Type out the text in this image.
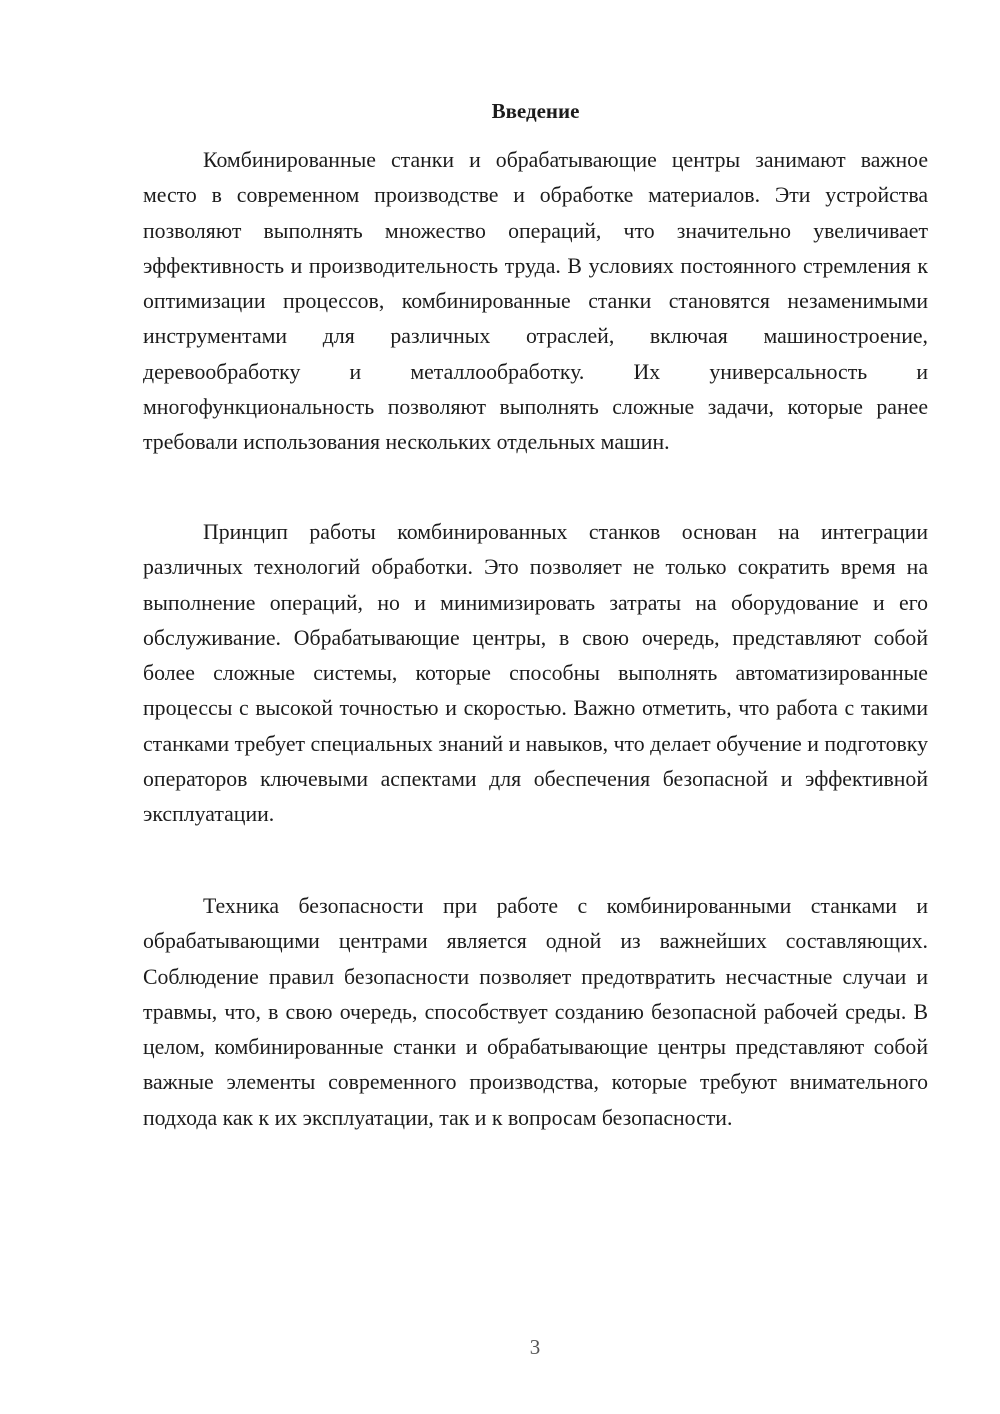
Введение

Комбинированные станки и обрабатывающие центры занимают важное место в современном производстве и обработке материалов. Эти устройства позволяют выполнять множество операций, что значительно увеличивает эффективность и производительность труда. В условиях постоянного стремления к оптимизации процессов, комбинированные станки становятся незаменимыми инструментами для различных отраслей, включая машиностроение, деревообработку и металлообработку. Их универсальность и многофункциональность позволяют выполнять сложные задачи, которые ранее требовали использования нескольких отдельных машин.

Принцип работы комбинированных станков основан на интеграции различных технологий обработки. Это позволяет не только сократить время на выполнение операций, но и минимизировать затраты на оборудование и его обслуживание. Обрабатывающие центры, в свою очередь, представляют собой более сложные системы, которые способны выполнять автоматизированные процессы с высокой точностью и скоростью. Важно отметить, что работа с такими станками требует специальных знаний и навыков, что делает обучение и подготовку операторов ключевыми аспектами для обеспечения безопасной и эффективной эксплуатации.

Техника безопасности при работе с комбинированными станками и обрабатывающими центрами является одной из важнейших составляющих. Соблюдение правил безопасности позволяет предотвратить несчастные случаи и травмы, что, в свою очередь, способствует созданию безопасной рабочей среды. В целом, комбинированные станки и обрабатывающие центры представляют собой важные элементы современного производства, которые требуют внимательного подхода как к их эксплуатации, так и к вопросам безопасности.

3
